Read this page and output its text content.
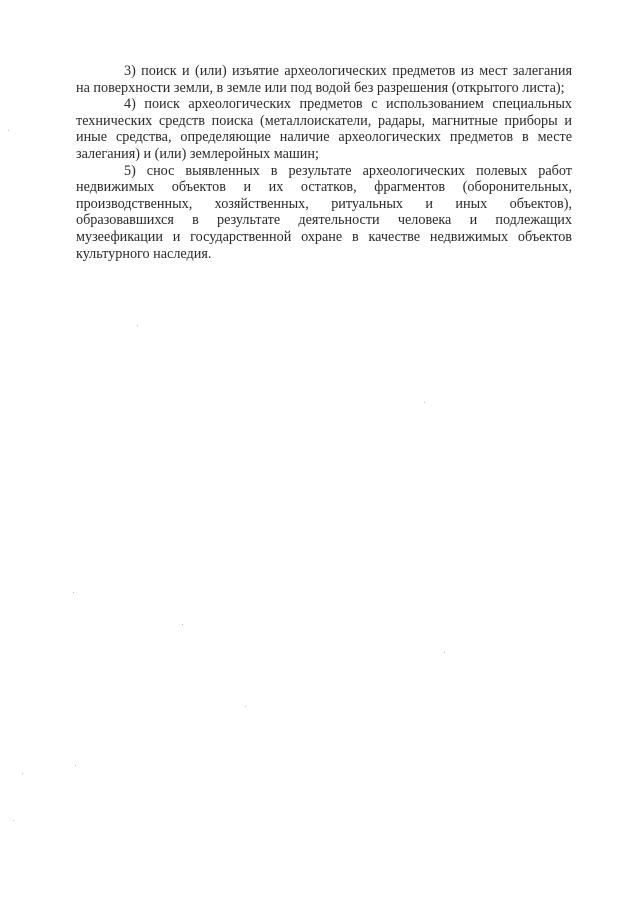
3) поиск и (или) изъятие археологических предметов из мест залегания на поверхности земли, в земле или под водой без разрешения (открытого листа);

4) поиск археологических предметов с использованием специальных технических средств поиска (металлоискатели, радары, магнитные приборы и иные средства, определяющие наличие археологических предметов в месте залегания) и (или) землеройных машин;

5) снос выявленных в результате археологических полевых работ недвижимых объектов и их остатков, фрагментов (оборонительных, производственных, хозяйственных, ритуальных и иных объектов), образовавшихся в результате деятельности человека и подлежащих музеефикации и государственной охране в качестве недвижимых объектов культурного наследия.
